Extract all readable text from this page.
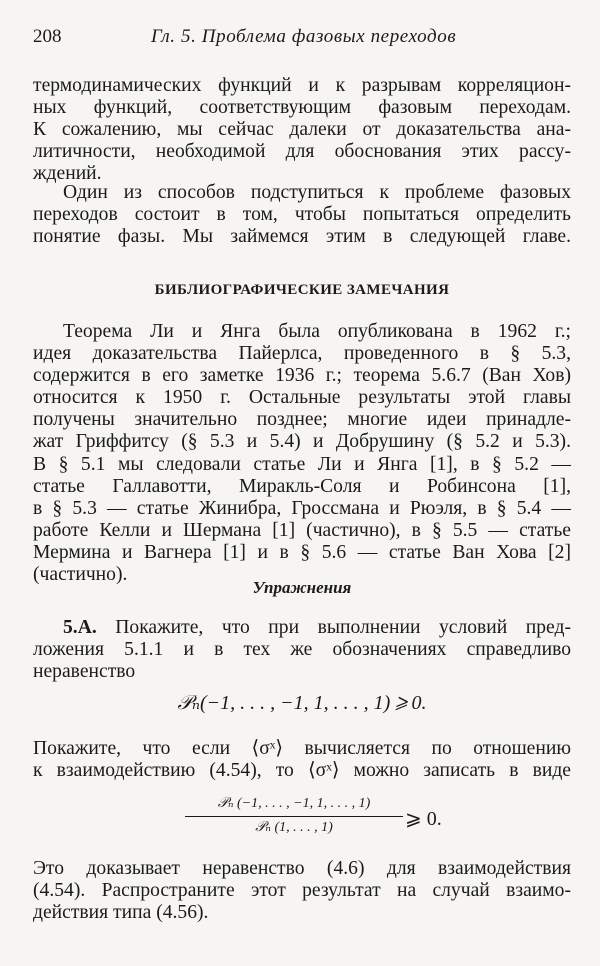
208	Гл. 5. Проблема фазовых переходов
термодинамических функций и к разрывам корреляцион-
ных функций, соответствующим фазовым переходам.
К сожалению, мы сейчас далеки от доказательства ана-
литичности, необходимой для обоснования этих рассу-
ждений.
Один из способов подступиться к проблеме фазовых
переходов состоит в том, чтобы попытаться определить
понятие фазы. Мы займемся этим в следующей главе.
БИБЛИОГРАФИЧЕСКИЕ ЗАМЕЧАНИЯ
Теорема Ли и Янга была опубликована в 1962 г.;
идея доказательства Пайерлса, проведенного в § 5.3,
содержится в его заметке 1936 г.; теорема 5.6.7 (Ван Хов)
относится к 1950 г. Остальные результаты этой главы
получены значительно позднее; многие идеи принадле-
жат Гриффитсу (§ 5.3 и 5.4) и Добрушину (§ 5.2 и 5.3).
В § 5.1 мы следовали статье Ли и Янга [1], в § 5.2 —
статье Галлавотти, Миракль-Соля и Робинсона [1],
в § 5.3 — статье Жинибра, Гроссмана и Рюэля, в § 5.4 —
работе Келли и Шермана [1] (частично), в § 5.5 — статье
Мермина и Вагнера [1] и в § 5.6 — статье Ван Хова [2]
(частично).
Упражнения
5.A. Покажите, что при выполнении условий пред-
ложения 5.1.1 и в тех же обозначениях справедливо
неравенство
𝒫ₙ(−1, . . . , −1, 1, . . . , 1) ⩾ 0.
Покажите, что если ⟨σˣ⟩ вычисляется по отношению
к взаимодействию (4.54), то ⟨σˣ⟩ можно записать в виде
𝒫ₙ (−1, . . . , −1, 1, . . . , 1)
𝒫ₙ (1, . . . , 1)	⩾ 0.
Это доказывает неравенство (4.6) для взаимодействия
(4.54). Распространите этот результат на случай взаимо-
действия типа (4.56).
